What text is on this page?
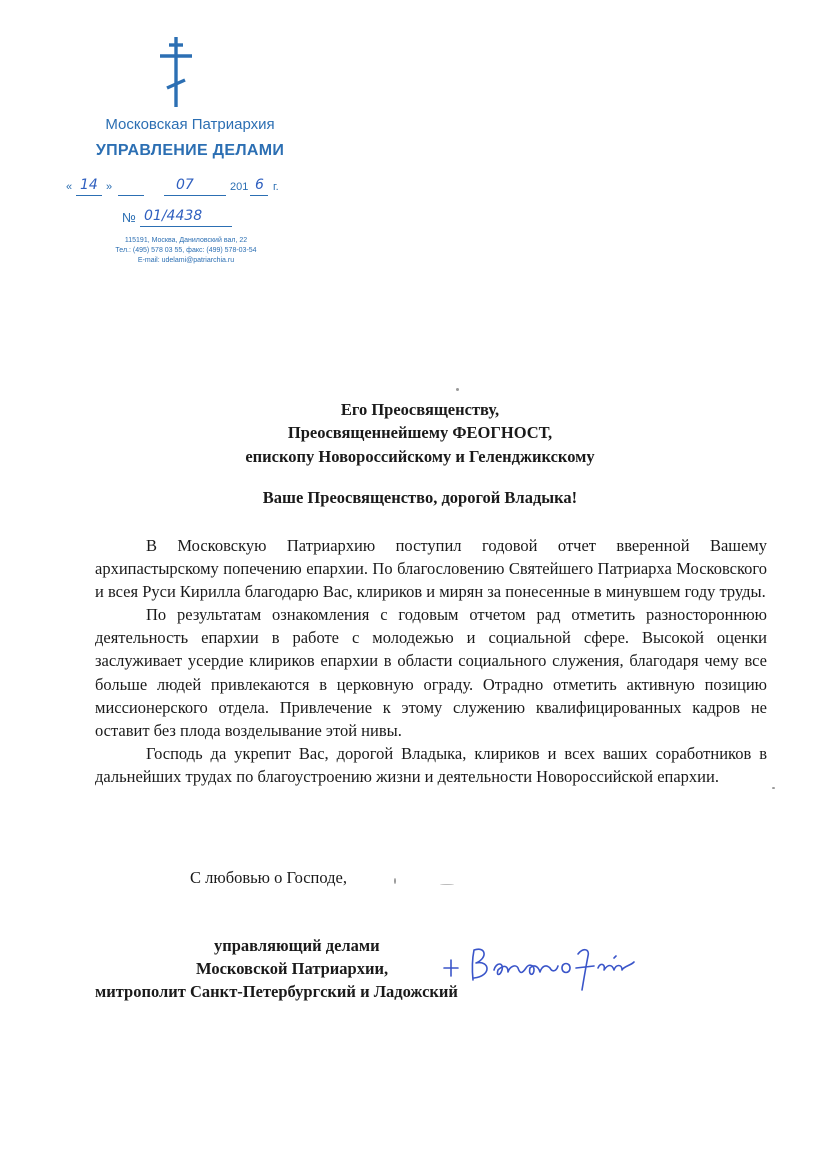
Московская Патриархия
УПРАВЛЕНИЕ ДЕЛАМИ
« 14 »	07	201 6 г.
№ 01/4438
115191, Москва, Даниловский вал, 22
Тел.: (495) 578 03 55, факс: (499) 578-03-54
E-mail: udelami@patriarchia.ru
Его Преосвященству,
Преосвященнейшему ФЕОГНОСТ,
епископу Новороссийскому и Геленджикскому
Ваше Преосвященство, дорогой Владыка!

В Московскую Патриархию поступил годовой отчет вверенной Вашему архипастырскому попечению епархии. По благословению Святейшего Патриарха Московского и всея Руси Кирилла благодарю Вас, клириков и мирян за понесенные в минувшем году труды.

По результатам ознакомления с годовым отчетом рад отметить разностороннюю деятельность епархии в работе с молодежью и социальной сфере. Высокой оценки заслуживает усердие клириков епархии в области социального служения, благодаря чему все больше людей привлекаются в церковную ограду. Отрадно отметить активную позицию миссионерского отдела. Привлечение к этому служению квалифицированных кадров не оставит без плода возделывание этой нивы.

Господь да укрепит Вас, дорогой Владыка, клириков и всех ваших соработников в дальнейших трудах по благоустроению жизни и деятельности Новороссийской епархии.

С любовью о Господе,
управляющий делами
Московской Патриархии,
митрополит Санкт-Петербургский и Ладожский
